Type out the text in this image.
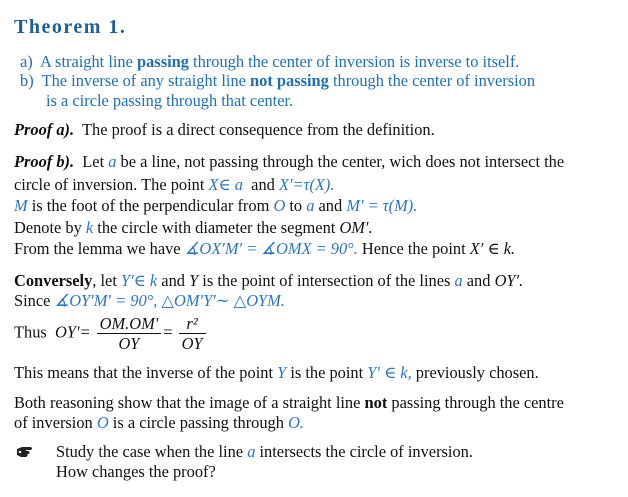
Theorem 1.
a) A straight line passing through the center of inversion is inverse to itself.
b) The inverse of any straight line not passing through the center of inversion
is a circle passing through that center.
Proof a). The proof is a direct consequence from the definition.
Proof b). Let a be a line, not passing through the center, wich does not intersect the
circle of inversion. The point X∈ a and X′=τ(X).
M is the foot of the perpendicular from O to a and M′ = τ(M).
Denote by k the circle with diameter the segment OM′.
From the lemma we have ∡OX′M′ = ∡OMX = 90°. Hence the point X′ ∈ k.
Conversely, let Y′∈ k and Y is the point of intersection of the lines a and OY′.
Since ∡OY′M′ = 90°, △OM′Y′∼ △OYM.
Thus $OY'= \frac{OM.OM'}{OY} = \frac{\text{r²}}{OY}$
This means that the inverse of the point Y is the point Y′ ∈ k, previously chosen.
Both reasoning show that the image of a straight line not passing through the centre
of inversion O is a circle passing through O.
Study the case when the line a intersects the circle of inversion.
How changes the proof?
